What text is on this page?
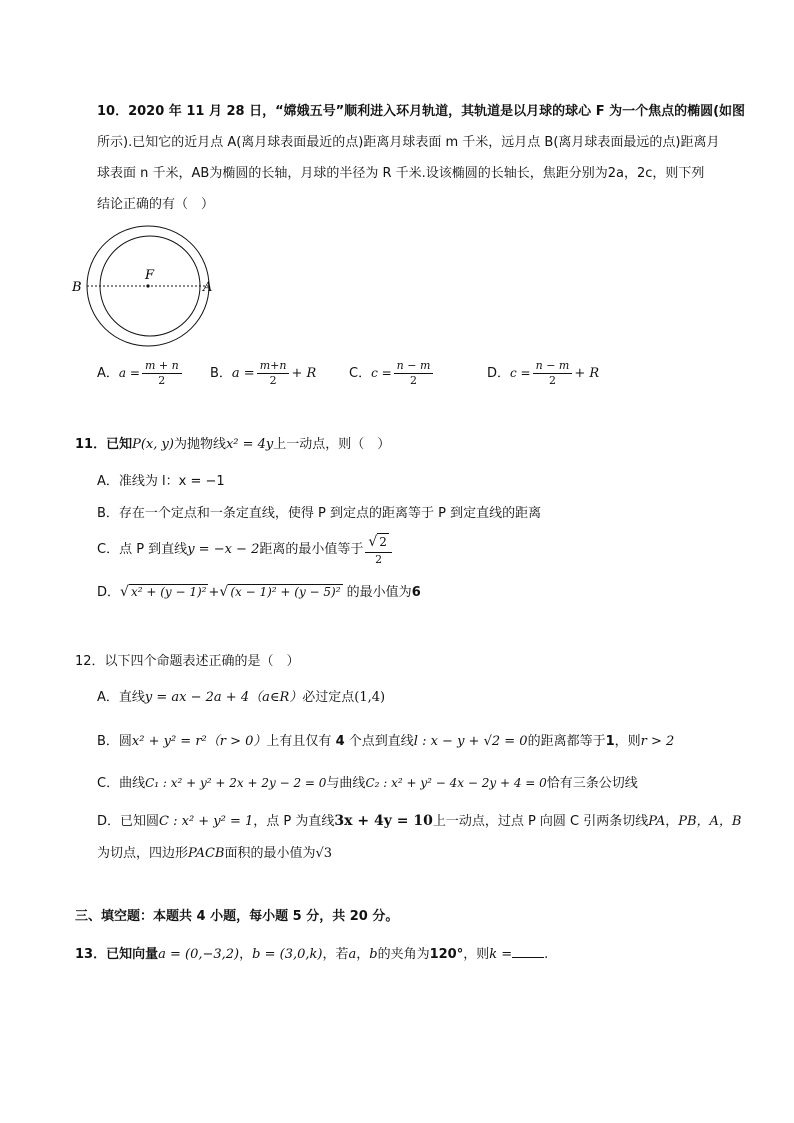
10．2020 年 11 月 28 日，“嫦娥五号”顺利进入环月轨道，其轨道是以月球的球心 F 为一个焦点的椭圆(如图
所示).已知它的近月点 A(离月球表面最近的点)距离月球表面 m 千米，远月点 B(离月球表面最远的点)距离月
球表面 n 千米，AB为椭圆的长轴，月球的半径为 R 千米.设该椭圆的长轴长，焦距分别为2a，2c，则下列
结论正确的有（　）
B	A
F
A．$a = \frac{m + n}{2}$ B．$a = \frac{m+n}{2} + R$	C．$c = \frac{n - m}{2}$	D．$c = \frac{n - m}{2} + R$
11．已知P(x, y)为抛物线x² = 4y上一动点，则（　）
A．准线为 l：x = −1
B．存在一个定点和一条定直线，使得 P 到定点的距离等于 P 到定直线的距离
C．点 P 到直线y = −x − 2距离的最小值等于 $\frac{√ 2}{2}$
D．√ x² + (y − 1)² +√ (x − 1)² + (y − 5)² 的最小值为6
12．以下四个命题表述正确的是（　）
A．直线y = ax − 2a + 4（a∈R）必过定点(1,4)
B．圆x² + y² = r²（r > 0）上有且仅有 4 个点到直线l : x − y + √2 = 0的距离都等于1，则r > 2
C．曲线C₁ : x² + y² + 2x + 2y − 2 = 0与曲线C₂ : x² + y² − 4x − 2y + 4 = 0恰有三条公切线
D．已知圆C : x² + y² = 1，点 P 为直线3x + 4y = 10上一动点，过点 P 向圆 C 引两条切线PA，PB，A，B
为切点，四边形PACB面积的最小值为√3
三、填空题：本题共 4 小题，每小题 5 分，共 20 分。
13．已知向量a = (0,−3,2)，b = (3,0,k)，若a，b的夹角为120°，则k = .
